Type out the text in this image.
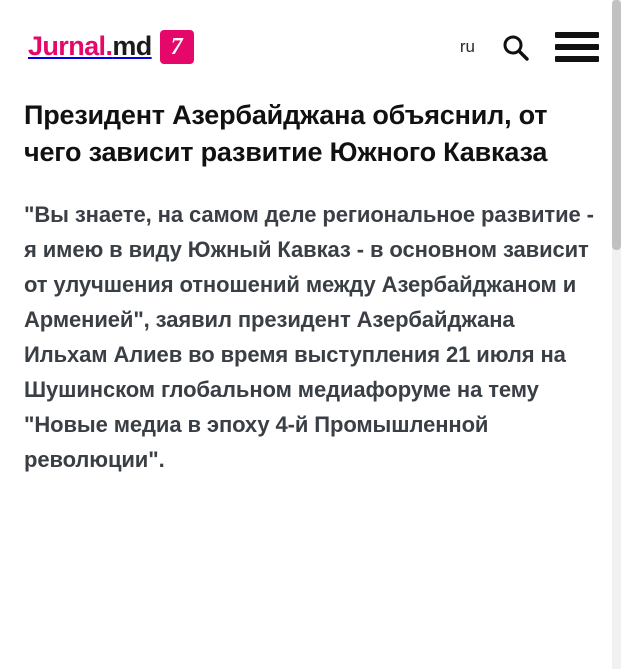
Jurnal.md 7	ru
Президент Азербайджана объяснил, от чего зависит развитие Южного Кавказа

"Вы знаете, на самом деле региональное развитие - я имею в виду Южный Кавказ - в основном зависит от улучшения отношений между Азербайджаном и Арменией", заявил президент Азербайджана Ильхам Алиев во время выступления 21 июля на Шушинском глобальном медиафоруме на тему "Новые медиа в эпоху 4-й Промышленной революции".
